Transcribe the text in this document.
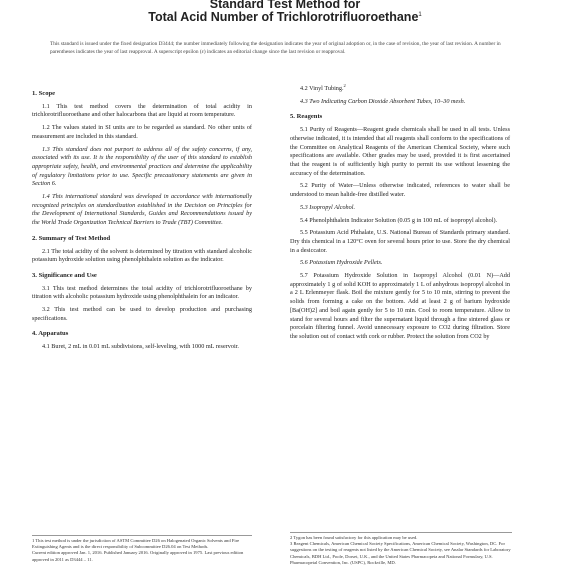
Standard Test Method for
Total Acid Number of Trichlorotrifluoroethane$^1$
This standard is issued under the fixed designation D3444; the number immediately following the designation indicates the year of original adoption or, in the case of revision, the year of last revision. A number in parentheses indicates the year of last reapproval. A superscript epsilon (ε) indicates an editorial change since the last revision or reapproval.
1. Scope

1.1 This test method covers the determination of total acidity in trichlorotrifluoroethane and other halocarbons that are liquid at room temperature.

1.2 The values stated in SI units are to be regarded as standard. No other units of measurement are included in this standard.

1.3 This standard does not purport to address all of the safety concerns, if any, associated with its use. It is the responsibility of the user of this standard to establish appropriate safety, health, and environmental practices and determine the applicability of regulatory limitations prior to use. Specific precautionary statements are given in Section 6.

1.4 This international standard was developed in accordance with internationally recognized principles on standardization established in the Decision on Principles for the Development of International Standards, Guides and Recommendations issued by the World Trade Organization Technical Barriers to Trade (TBT) Committee.

2. Summary of Test Method

2.1 The total acidity of the solvent is determined by titration with standard alcoholic potassium hydroxide solution using phenolphthalein solution as the indicator.

3. Significance and Use

3.1 This test method determines the total acidity of trichlorotrifluoroethane by titration with alcoholic potassium hydroxide using phenolphthalein for an indicator.

3.2 This test method can be used to develop production and purchasing specifications.

4. Apparatus

4.1 Buret, 2 mL in 0.01 mL subdivisions, self-leveling, with 1000 mL reservoir.

4.2 Vinyl Tubing.$^2$

4.3 Two Indicating Carbon Dioxide Absorbent Tubes, 10–30 mesh.

5. Reagents

5.1 Purity of Reagents—Reagent grade chemicals shall be used in all tests. Unless otherwise indicated, it is intended that all reagents shall conform to the specifications of the Committee on Analytical Reagents of the American Chemical Society, where such specifications are available. Other grades may be used, provided it is first ascertained that the reagent is of sufficiently high purity to permit its use without lessening the accuracy of the determination.

5.2 Purity of Water—Unless otherwise indicated, references to water shall be understood to mean halide-free distilled water.

5.3 Isopropyl Alcohol.

5.4 Phenolphthalein Indicator Solution (0.05 g in 100 mL of isopropyl alcohol).

5.5 Potassium Acid Phthalate, U.S. National Bureau of Standards primary standard. Dry this chemical in a 120°C oven for several hours prior to use. Store the dry chemical in a desiccator.

5.6 Potassium Hydroxide Pellets.

5.7 Potassium Hydroxide Solution in Isopropyl Alcohol (0.01 N)—Add approximately 1 g of solid KOH to approximately 1 L of anhydrous isopropyl alcohol in a 2 L Erlenmeyer flask. Boil the mixture gently for 5 to 10 min, stirring to prevent the solids from forming a cake on the bottom. Add at least 2 g of barium hydroxide [Ba(OH)2] and boil again gently for 5 to 10 min. Cool to room temperature. Allow to stand for several hours and filter the supernatant liquid through a fine sintered glass or porcelain filtering funnel. Avoid unnecessary exposure to CO2 during filtration. Store the solution out of contact with cork or rubber. Protect the solution from CO2 by

1 This test method is under the jurisdiction of ASTM Committee D26 on Halogenated Organic Solvents and Fire Extinguishing Agents and is the direct responsibility of Subcommittee D26.04 on Test Methods.

Current edition approved Jan. 1, 2016. Published January 2016. Originally approved in 1975. Last previous edition approved in 2011 as D3444 – 11.

2 Tygon has been found satisfactory for this application may be used.

3 Reagent Chemicals, American Chemical Society Specifications, American Chemical Society, Washington, DC. For suggestions on the testing of reagents not listed by the American Chemical Society, see Analar Standards for Laboratory Chemicals, BDH Ltd., Poole, Dorset, U.K., and the United States Pharmacopeia and National Formulary, U.S. Pharmacopeial Convention, Inc. (USPC), Rockville, MD.
